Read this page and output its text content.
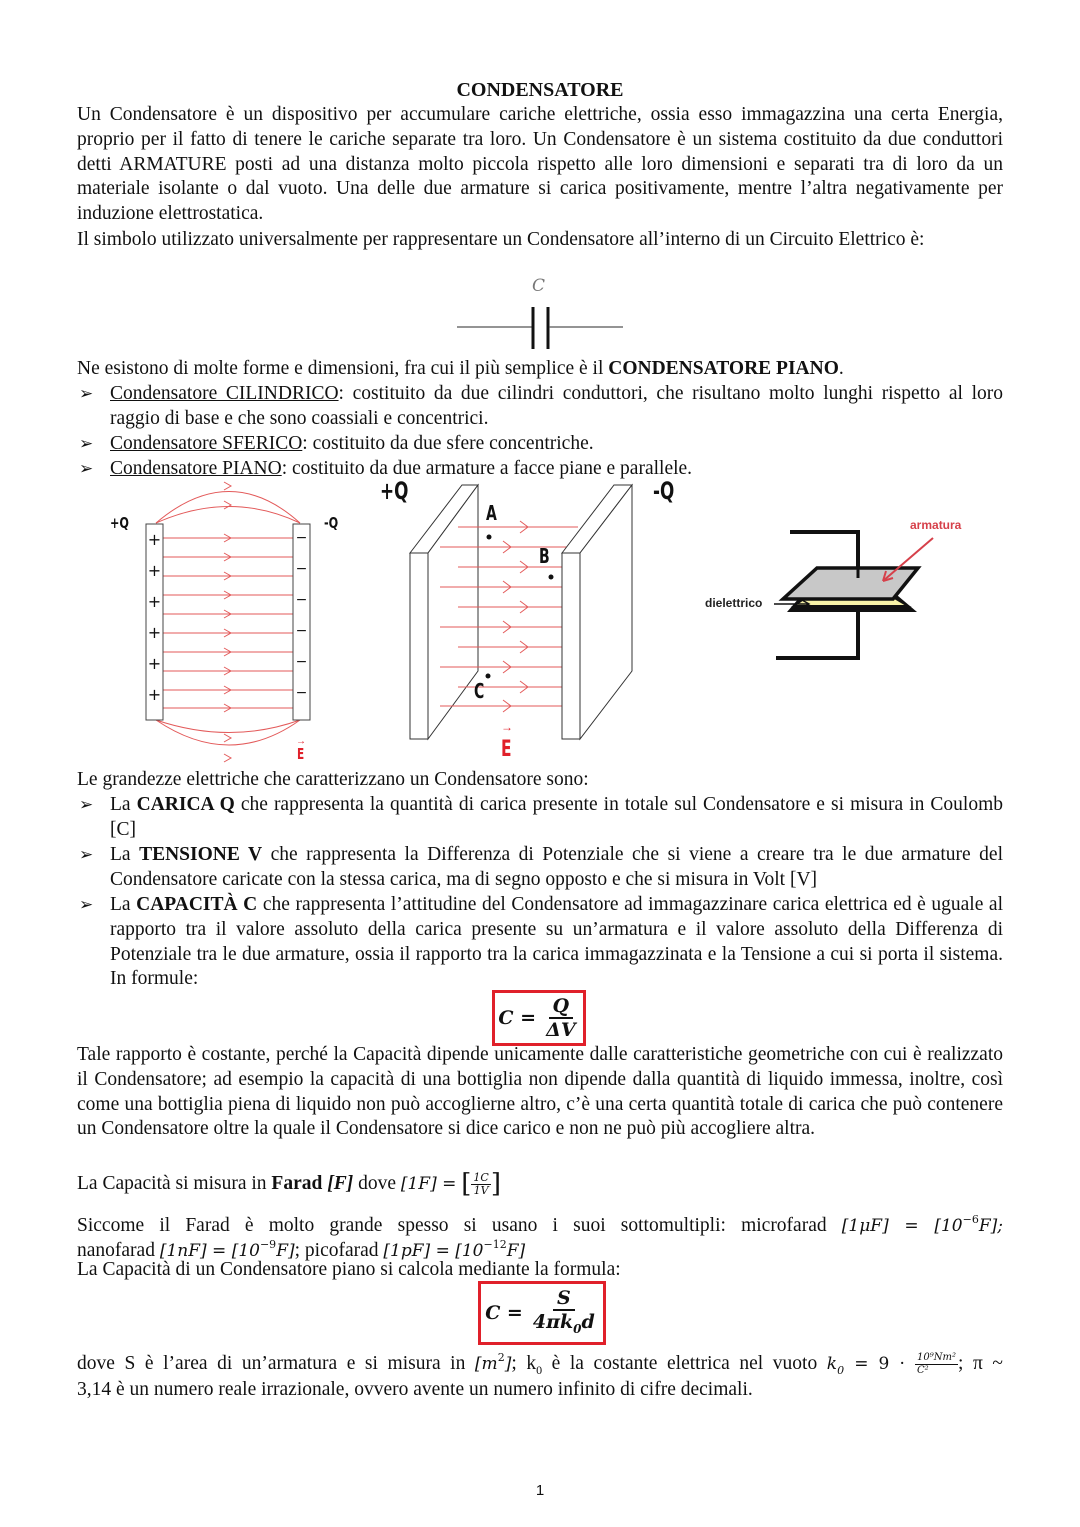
CONDENSATORE
Un Condensatore è un dispositivo per accumulare cariche elettriche, ossia esso immagazzina una certa Energia, proprio per il fatto di tenere le cariche separate tra loro. Un Condensatore è un sistema costituito da due conduttori detti ARMATURE posti ad una distanza molto piccola rispetto alle loro dimensioni e separati tra di loro da un materiale isolante o dal vuoto. Una delle due armature si carica positivamente, mentre l’altra negativamente per induzione elettrostatica.
Il simbolo utilizzato universalmente per rappresentare un Condensatore all’interno di un Circuito Elettrico è:
C
Ne esistono di molte forme e dimensioni, fra cui il più semplice è il CONDENSATORE PIANO.
➢ Condensatore CILINDRICO: costituito da due cilindri conduttori, che risultano molto lunghi rispetto al loro raggio di base e che sono coassiali e concentrici.
➢ Condensatore SFERICO: costituito da due sfere concentriche.
➢ Condensatore PIANO: costituito da due armature a facce piane e parallele.
+Q	-Q
+
+
+
+
+
+
−
−
−
−
−
−
→
E
+Q	-Q
A
B
C
→
E
armatura
dielettrico
Le grandezze elettriche che caratterizzano un Condensatore sono:
➢ La CARICA Q che rappresenta la quantità di carica presente in totale sul Condensatore e si misura in Coulomb [C]
➢ La TENSIONE V che rappresenta la Differenza di Potenziale che si viene a creare tra le due armature del Condensatore caricate con la stessa carica, ma di segno opposto e che si misura in Volt [V]
➢ La CAPACITÀ C che rappresenta l’attitudine del Condensatore ad immagazzinare carica elettrica ed è uguale al rapporto tra il valore assoluto della carica presente su un’armatura e il valore assoluto della Differenza di Potenziale tra le due armature, ossia il rapporto tra la carica immagazzinata e la Tensione a cui si porta il sistema. In formule:
$C = \frac{Q}{\Delta V}$
Tale rapporto è costante, perché la Capacità dipende unicamente dalle caratteristiche geometriche con cui è realizzato il Condensatore; ad esempio la capacità di una bottiglia non dipende dalla quantità di liquido immessa, inoltre, così come una bottiglia piena di liquido non può accoglierne altro, c’è una certa quantità totale di carica che può contenere un Condensatore oltre la quale il Condensatore si dice carico e non ne può più accogliere altra.
La Capacità si misura in Farad [F] dove [1F] = [ $\frac{1C}{1V}$ ]
Siccome il Farad è molto grande spesso si usano i suoi sottomultipli: microfarad $[1\mu F] = [10^{-6}F]$;
nanofarad $[1nF] = [10^{-9}F]$; picofarad $[1pF] = [10^{-12}F]$
La Capacità di un Condensatore piano si calcola mediante la formula:
$C = \frac{S}{4\pi k_0d}$
dove S è l’area di un’armatura e si misura in $[m^2]$; $k_0$ è la costante elettrica nel vuoto $k_0 = 9 \cdot \frac{\text{10⁹Nm²}}{\text{C²}}$ ; π ~
3,14 è un numero reale irrazionale, ovvero avente un numero infinito di cifre decimali.
1
